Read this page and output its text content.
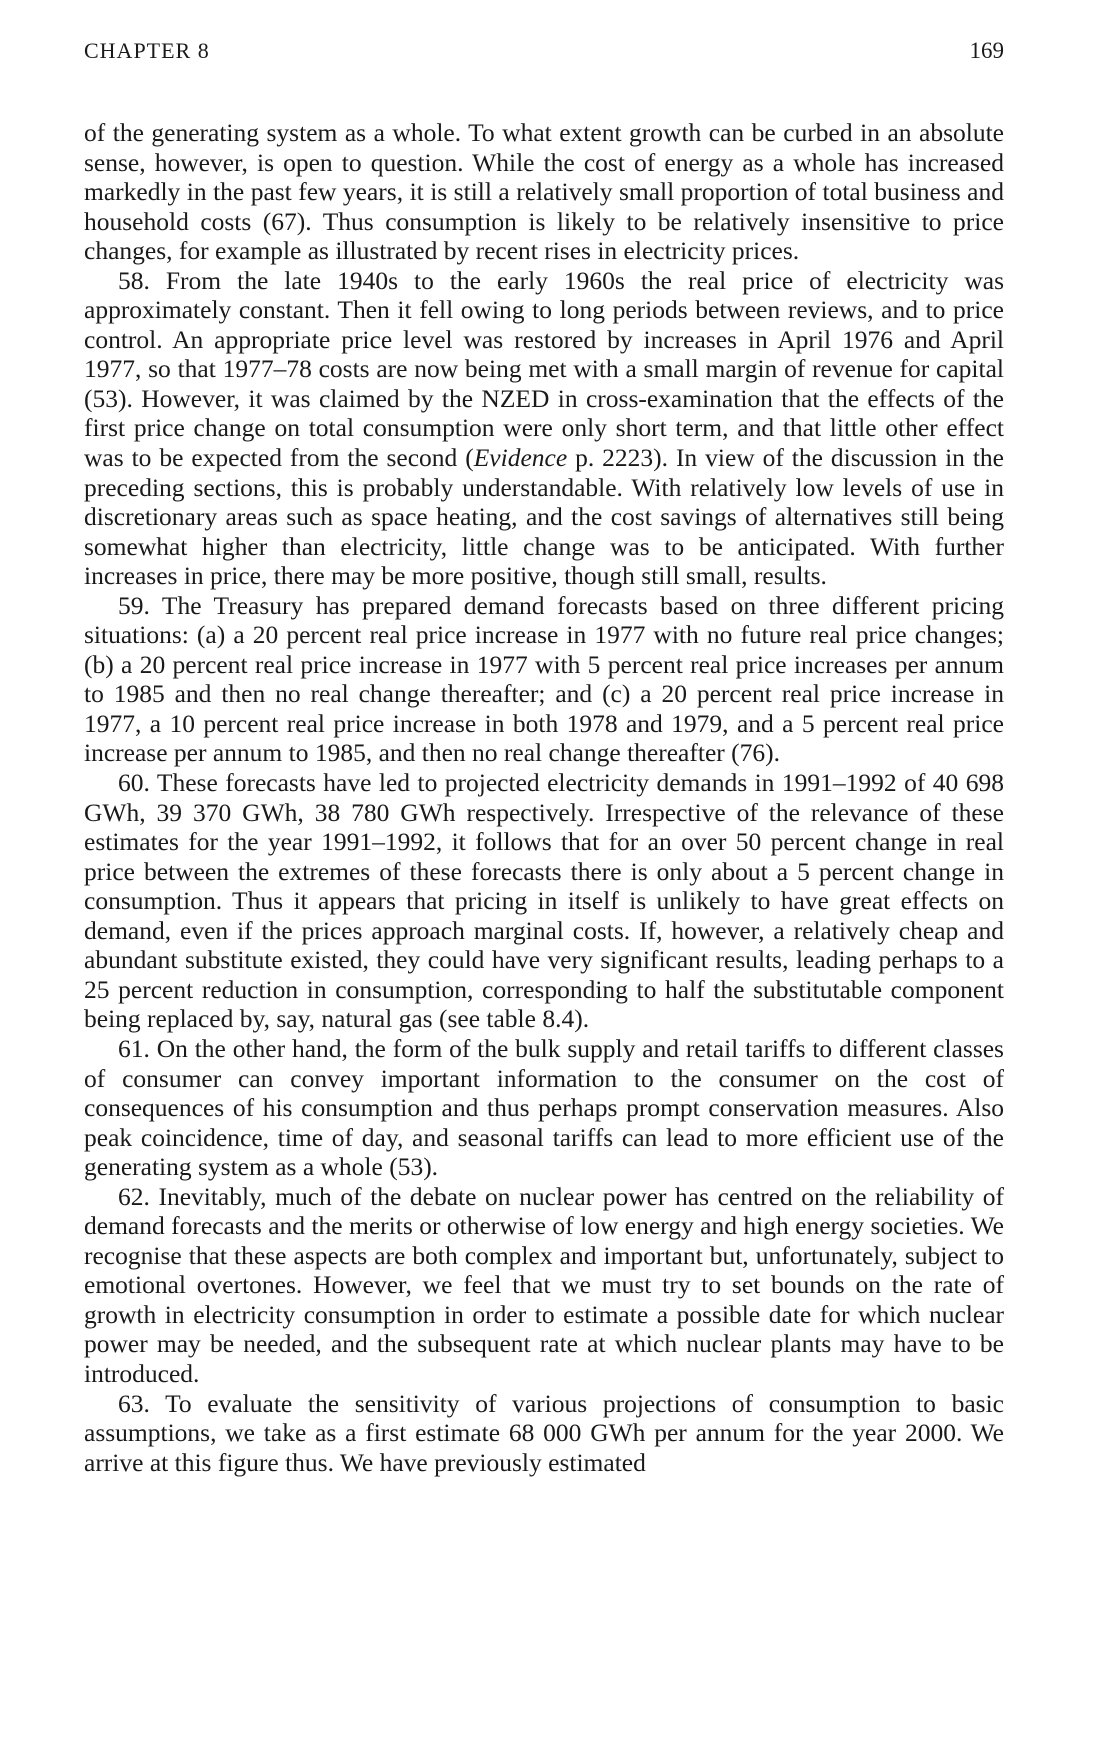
CHAPTER 8	169

of the generating system as a whole. To what extent growth can be curbed in an absolute sense, however, is open to question. While the cost of energy as a whole has increased markedly in the past few years, it is still a relatively small proportion of total business and household costs (67). Thus consumption is likely to be relatively insensitive to price changes, for example as illustrated by recent rises in electricity prices.

58. From the late 1940s to the early 1960s the real price of electricity was approximately constant. Then it fell owing to long periods between reviews, and to price control. An appropriate price level was restored by increases in April 1976 and April 1977, so that 1977–78 costs are now being met with a small margin of revenue for capital (53). However, it was claimed by the NZED in cross-examination that the effects of the first price change on total consumption were only short term, and that little other effect was to be expected from the second (Evidence p. 2223). In view of the discussion in the preceding sections, this is probably understandable. With relatively low levels of use in discretionary areas such as space heating, and the cost savings of alternatives still being somewhat higher than electricity, little change was to be anticipated. With further increases in price, there may be more positive, though still small, results.

59. The Treasury has prepared demand forecasts based on three different pricing situations: (a) a 20 percent real price increase in 1977 with no future real price changes; (b) a 20 percent real price increase in 1977 with 5 percent real price increases per annum to 1985 and then no real change thereafter; and (c) a 20 percent real price increase in 1977, a 10 percent real price increase in both 1978 and 1979, and a 5 percent real price increase per annum to 1985, and then no real change thereafter (76).

60. These forecasts have led to projected electricity demands in 1991–1992 of 40 698 GWh, 39 370 GWh, 38 780 GWh respectively. Irrespective of the relevance of these estimates for the year 1991–1992, it follows that for an over 50 percent change in real price between the extremes of these forecasts there is only about a 5 percent change in consumption. Thus it appears that pricing in itself is unlikely to have great effects on demand, even if the prices approach marginal costs. If, however, a relatively cheap and abundant substitute existed, they could have very significant results, leading perhaps to a 25 percent reduction in consumption, corresponding to half the substitutable component being replaced by, say, natural gas (see table 8.4).

61. On the other hand, the form of the bulk supply and retail tariffs to different classes of consumer can convey important information to the consumer on the cost of consequences of his consumption and thus perhaps prompt conservation measures. Also peak coincidence, time of day, and seasonal tariffs can lead to more efficient use of the generating system as a whole (53).

62. Inevitably, much of the debate on nuclear power has centred on the reliability of demand forecasts and the merits or otherwise of low energy and high energy societies. We recognise that these aspects are both complex and important but, unfortunately, subject to emotional overtones. However, we feel that we must try to set bounds on the rate of growth in electricity consumption in order to estimate a possible date for which nuclear power may be needed, and the subsequent rate at which nuclear plants may have to be introduced.

63. To evaluate the sensitivity of various projections of consumption to basic assumptions, we take as a first estimate 68 000 GWh per annum for the year 2000. We arrive at this figure thus. We have previously estimated
